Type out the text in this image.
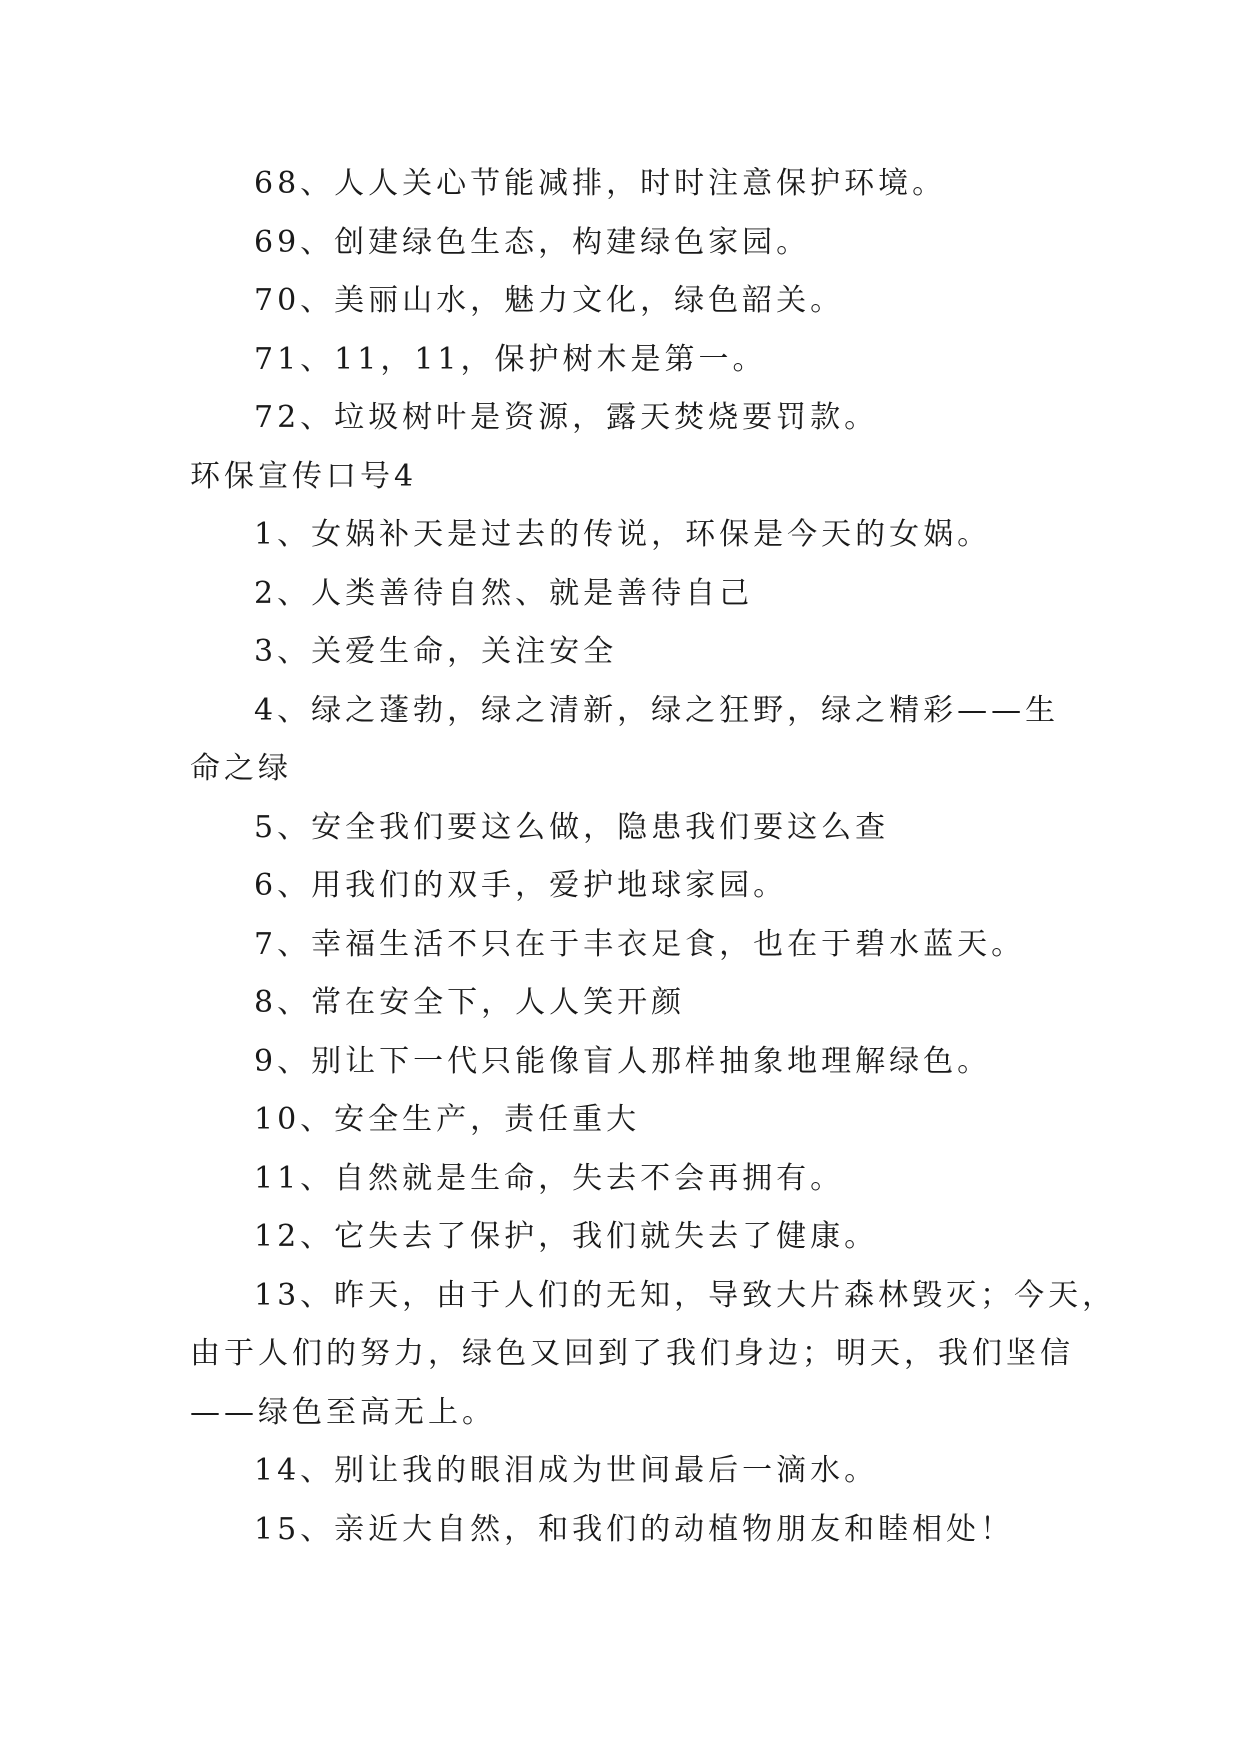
68、人人关心节能减排，时时注意保护环境。
69、创建绿色生态，构建绿色家园。
70、美丽山水，魅力文化，绿色韶关。
71、11，11，保护树木是第一。
72、垃圾树叶是资源，露天焚烧要罚款。
环保宣传口号4
1、女娲补天是过去的传说，环保是今天的女娲。
2、人类善待自然、就是善待自己
3、关爱生命，关注安全
4、绿之蓬勃，绿之清新，绿之狂野，绿之精彩——生
命之绿
5、安全我们要这么做，隐患我们要这么查
6、用我们的双手，爱护地球家园。
7、幸福生活不只在于丰衣足食，也在于碧水蓝天。
8、常在安全下，人人笑开颜
9、别让下一代只能像盲人那样抽象地理解绿色。
10、安全生产，责任重大
11、自然就是生命，失去不会再拥有。
12、它失去了保护，我们就失去了健康。
13、昨天，由于人们的无知，导致大片森林毁灭；今天，
由于人们的努力，绿色又回到了我们身边；明天，我们坚信
——绿色至高无上。
14、别让我的眼泪成为世间最后一滴水。
15、亲近大自然，和我们的动植物朋友和睦相处！
